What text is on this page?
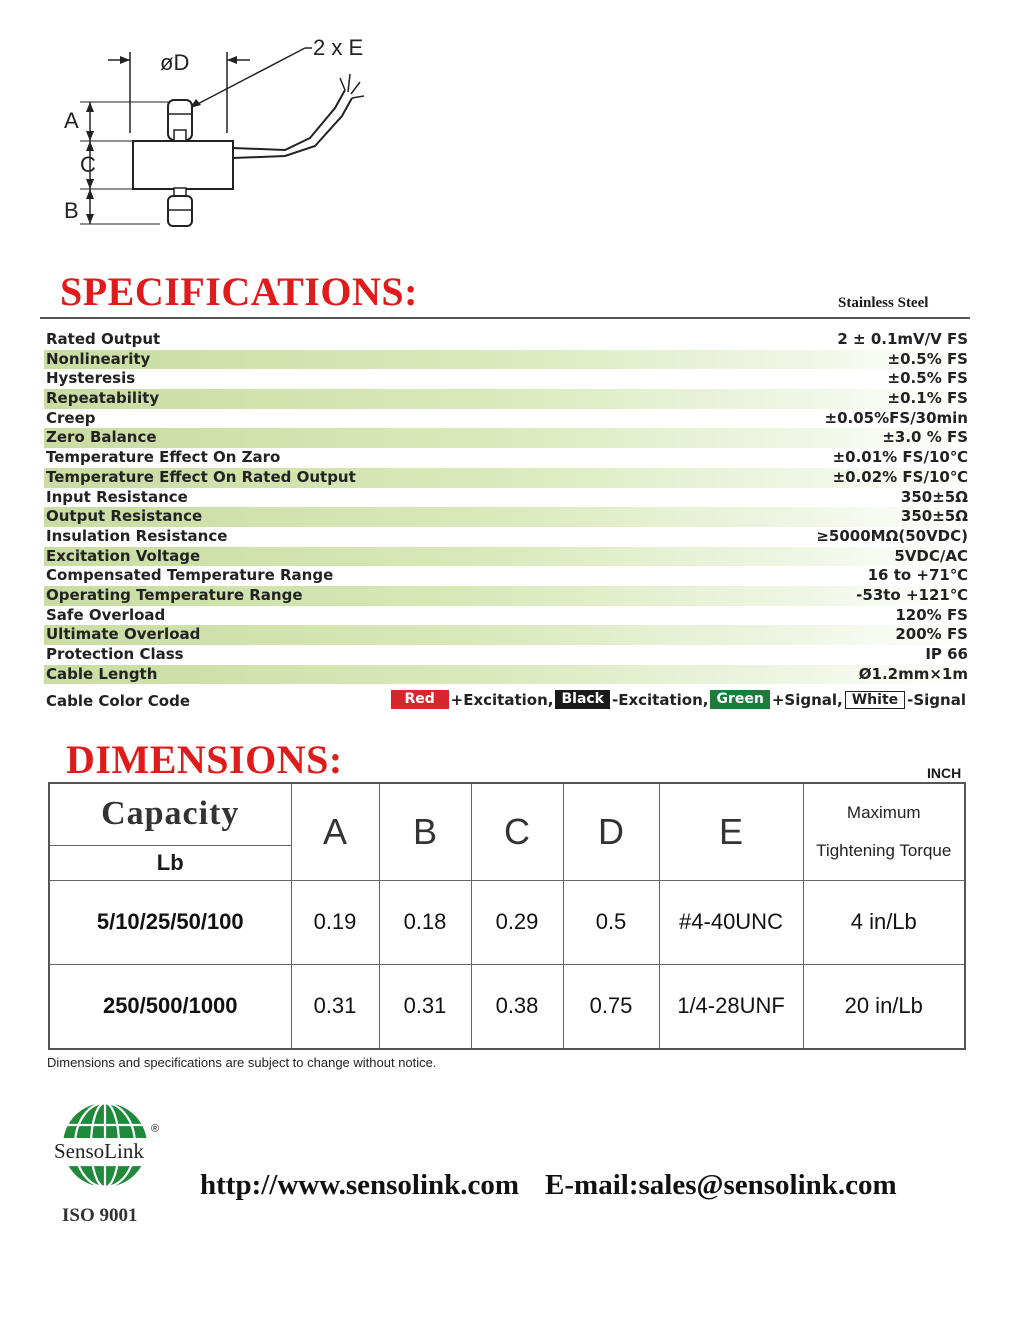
øD
2 x E
A
C
B
SPECIFICATIONS:	Stainless Steel
Rated Output	2 ± 0.1mV/V FS
Nonlinearity	±0.5% FS
Hysteresis	±0.5% FS
Repeatability	±0.1% FS
Creep	±0.05%FS/30min
Zero Balance	±3.0 % FS
Temperature Effect On Zaro	±0.01% FS/10℃
Temperature Effect On Rated Output	±0.02% FS/10℃
Input Resistance	350±5Ω
Output Resistance	350±5Ω
Insulation Resistance	≥5000MΩ(50VDC)
Excitation Voltage	5VDC/AC
Compensated Temperature Range	16 to +71℃
Operating Temperature Range	-53to +121℃
Safe Overload	120% FS
Ultimate Overload	200% FS
Protection Class	IP 66
Cable Length	Ø1.2mm×1m
Cable Color Code	Red	+Excitation, Black -Excitation, Green +Signal, White -Signal
DIMENSIONS:	INCH
Capacity	A	B	C	D	E	Maximum
Tightening Torque

Lb						
5/10/25/50/100	0.19	0.18	0.29	0.5	#4-40UNC	4 in/Lb
250/500/1000	0.31	0.31	0.38	0.75	1/4-28UNF	20 in/Lb
Dimensions and specifications are subject to change without notice.
SensoLink
®
ISO 9001
http://www.sensolink.com E-mail:sales@sensolink.com
